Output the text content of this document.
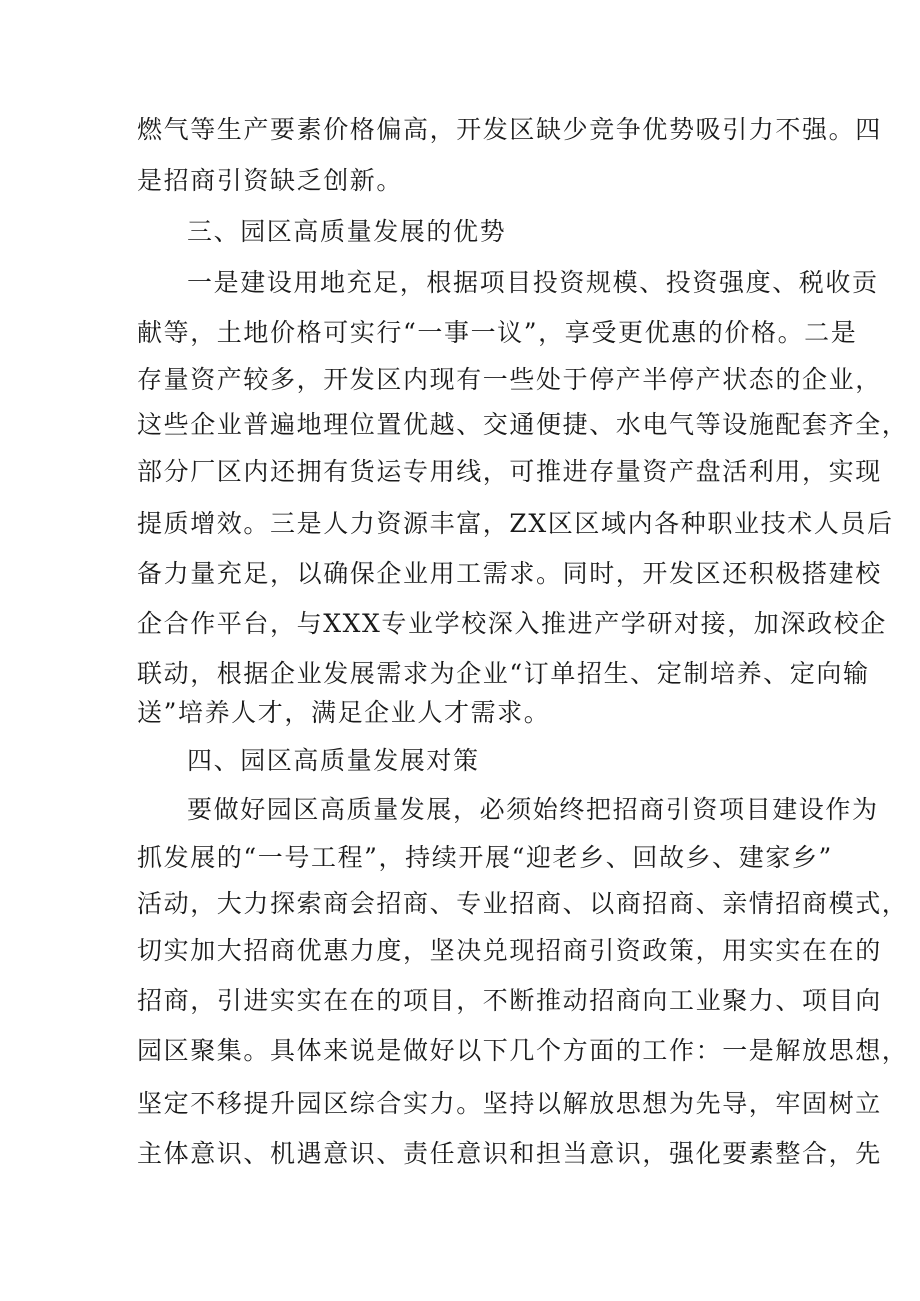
燃气等生产要素价格偏高，开发区缺少竞争优势吸引力不强。四
是招商引资缺乏创新。
三、园区高质量发展的优势
一是建设用地充足，根据项目投资规模、投资强度、税收贡
献等，土地价格可实行“一事一议”，享受更优惠的价格。二是
存量资产较多，开发区内现有一些处于停产半停产状态的企业，
这些企业普遍地理位置优越、交通便捷、水电气等设施配套齐全，
部分厂区内还拥有货运专用线，可推进存量资产盘活利用，实现
提质增效。三是人力资源丰富，ZX区区域内各种职业技术人员后
备力量充足，以确保企业用工需求。同时，开发区还积极搭建校
企合作平台，与XXX专业学校深入推进产学研对接，加深政校企
联动，根据企业发展需求为企业“订单招生、定制培养、定向输
送”培养人才，满足企业人才需求。
四、园区高质量发展对策
要做好园区高质量发展，必须始终把招商引资项目建设作为
抓发展的“一号工程”，持续开展“迎老乡、回故乡、建家乡”
活动，大力探索商会招商、专业招商、以商招商、亲情招商模式，
切实加大招商优惠力度，坚决兑现招商引资政策，用实实在在的
招商，引进实实在在的项目，不断推动招商向工业聚力、项目向
园区聚集。具体来说是做好以下几个方面的工作：一是解放思想，
坚定不移提升园区综合实力。坚持以解放思想为先导，牢固树立
主体意识、机遇意识、责任意识和担当意识，强化要素整合，先
